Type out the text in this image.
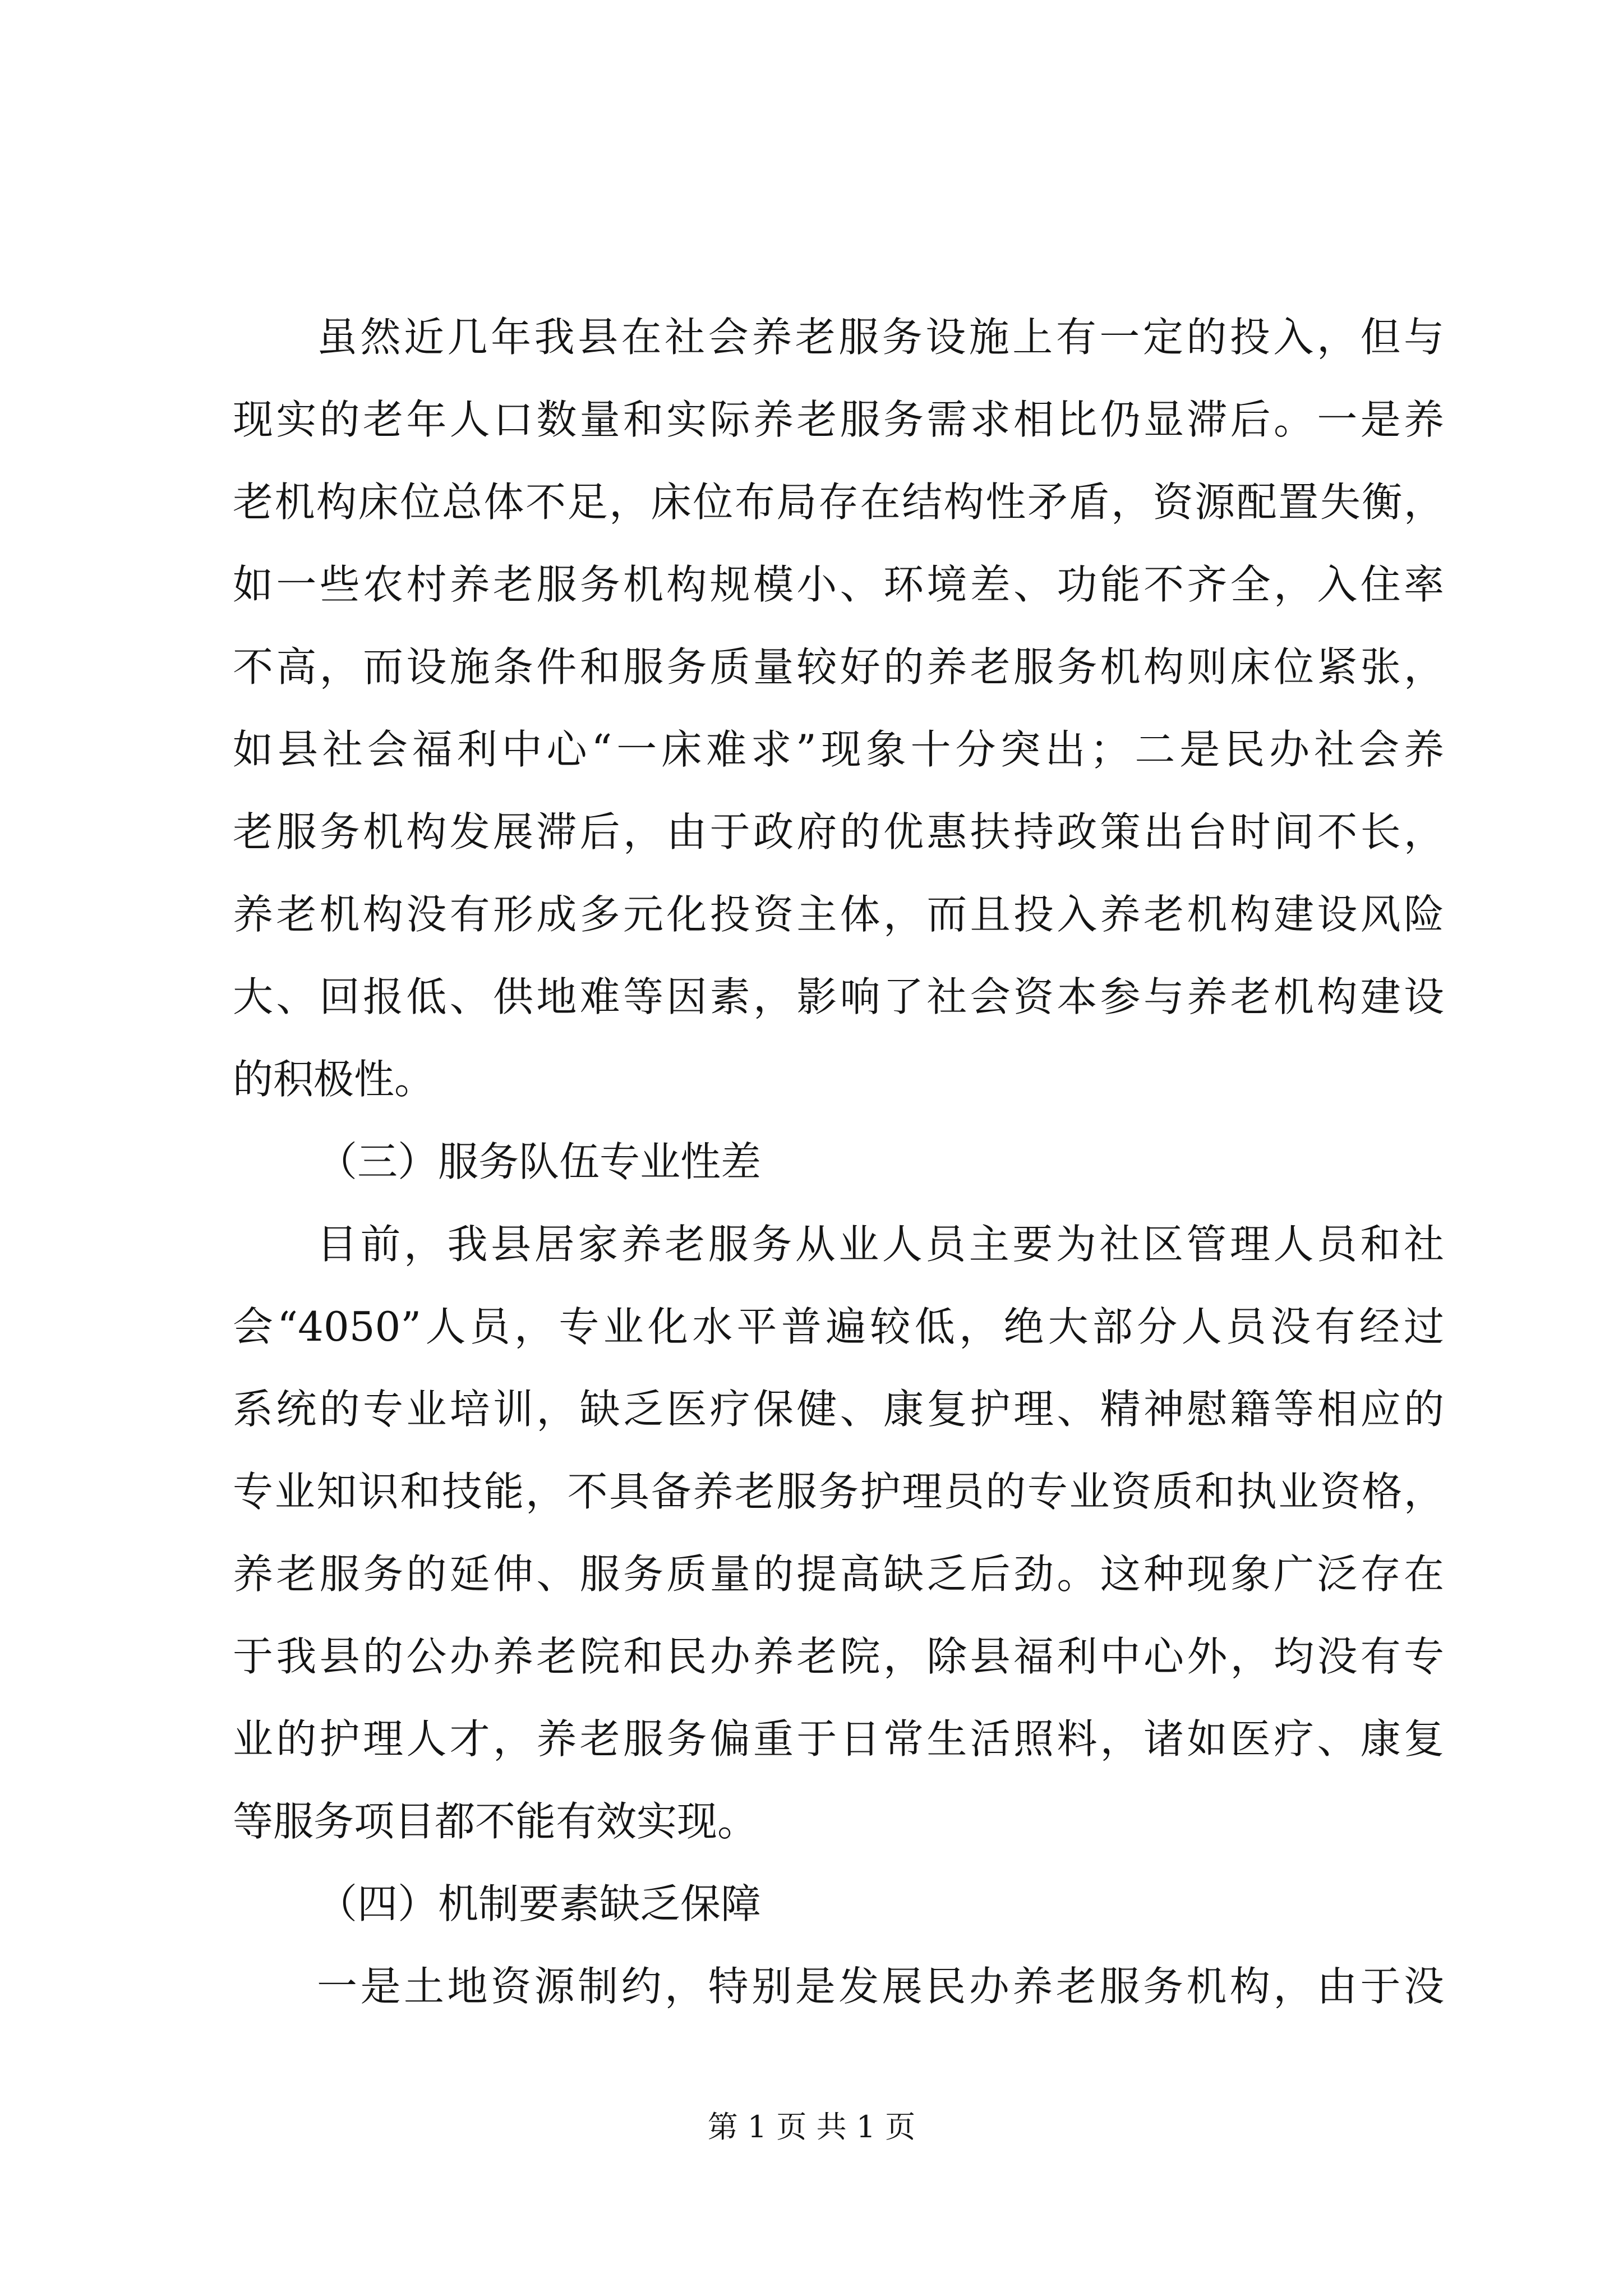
虽然近几年我县在社会养老服务设施上有一定的投入，但与
现实的老年人口数量和实际养老服务需求相比仍显滞后。一是养
老机构床位总体不足，床位布局存在结构性矛盾，资源配置失衡，
如一些农村养老服务机构规模小、环境差、功能不齐全，入住率
不高，而设施条件和服务质量较好的养老服务机构则床位紧张，
如县社会福利中心“一床难求”现象十分突出；二是民办社会养
老服务机构发展滞后，由于政府的优惠扶持政策出台时间不长，
养老机构没有形成多元化投资主体，而且投入养老机构建设风险
大、回报低、供地难等因素，影响了社会资本参与养老机构建设
的积极性。
（三）服务队伍专业性差
目前，我县居家养老服务从业人员主要为社区管理人员和社
会“4050”人员，专业化水平普遍较低，绝大部分人员没有经过
系统的专业培训，缺乏医疗保健、康复护理、精神慰籍等相应的
专业知识和技能，不具备养老服务护理员的专业资质和执业资格，
养老服务的延伸、服务质量的提高缺乏后劲。这种现象广泛存在
于我县的公办养老院和民办养老院，除县福利中心外，均没有专
业的护理人才，养老服务偏重于日常生活照料，诸如医疗、康复
等服务项目都不能有效实现。
（四）机制要素缺乏保障
一是土地资源制约，特别是发展民办养老服务机构，由于没
第 1 页 共 1 页
